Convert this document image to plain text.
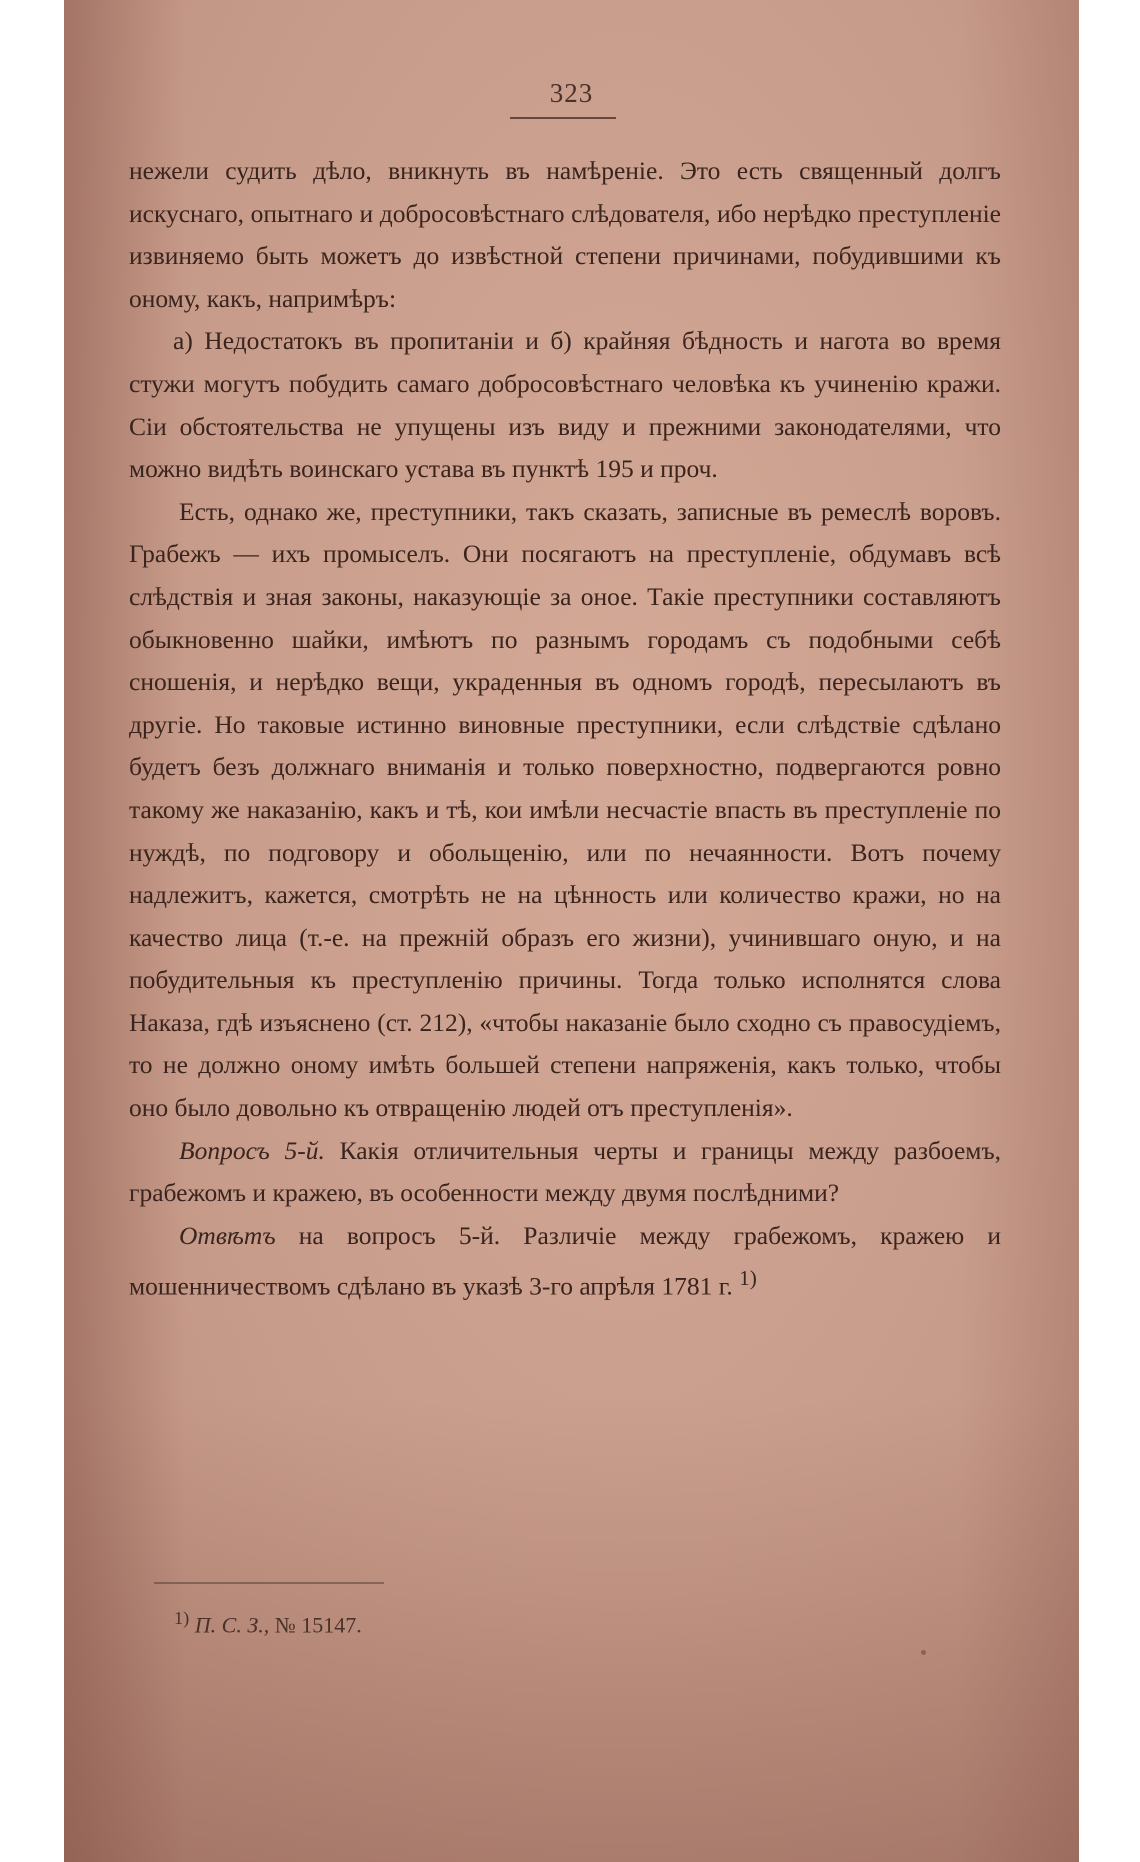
323

нежели судить дѣло, вникнуть въ намѣреніе. Это есть священный долгъ искуснаго, опытнаго и добросовѣстнаго слѣдователя, ибо нерѣдко преступленіе извиняемо быть можетъ до извѣстной степени причинами, побудившими къ оному, какъ, напримѣръ:

а) Недостатокъ въ пропитаніи и б) крайняя бѣдность и нагота во время стужи могутъ побудить самаго добросовѣстнаго человѣка къ учиненію кражи. Сіи обстоятельства не упущены изъ виду и прежними законодателями, что можно видѣть воинскаго устава въ пунктѣ 195 и проч.

Есть, однако же, преступники, такъ сказать, записные въ ремеслѣ воровъ. Грабежъ — ихъ промыселъ. Они посягаютъ на преступленіе, обдумавъ всѣ слѣдствія и зная законы, наказующіе за оное. Такіе преступники составляютъ обыкновенно шайки, имѣютъ по разнымъ городамъ съ подобными себѣ сношенія, и нерѣдко вещи, украденныя въ одномъ городѣ, пересылаютъ въ другіе. Но таковые истинно виновные преступники, если слѣдствіе сдѣлано будетъ безъ должнаго вниманія и только поверхностно, подвергаются ровно такому же наказанію, какъ и тѣ, кои имѣли несчастіе впасть въ преступленіе по нуждѣ, по подговору и обольщенію, или по нечаянности. Вотъ почему надлежитъ, кажется, смотрѣть не на цѣнность или количество кражи, но на качество лица (т.-е. на прежній образъ его жизни), учинившаго оную, и на побудительныя къ преступленію причины. Тогда только исполнятся слова Наказа, гдѣ изъяснено (ст. 212), «чтобы наказаніе было сходно съ правосудіемъ, то не должно оному имѣть большей степени напряженія, какъ только, чтобы оно было довольно къ отвращенію людей отъ преступленія».

Вопросъ 5-й. Какія отличительныя черты и границы между разбоемъ, грабежомъ и кражею, въ особенности между двумя послѣдними?

Отвѣтъ на вопросъ 5-й. Различіе между грабежомъ, кражею и мошенничествомъ сдѣлано въ указѣ 3-го апрѣля 1781 г. $^{1)}$

$^{1)}$ П. С. З., № 15147.
